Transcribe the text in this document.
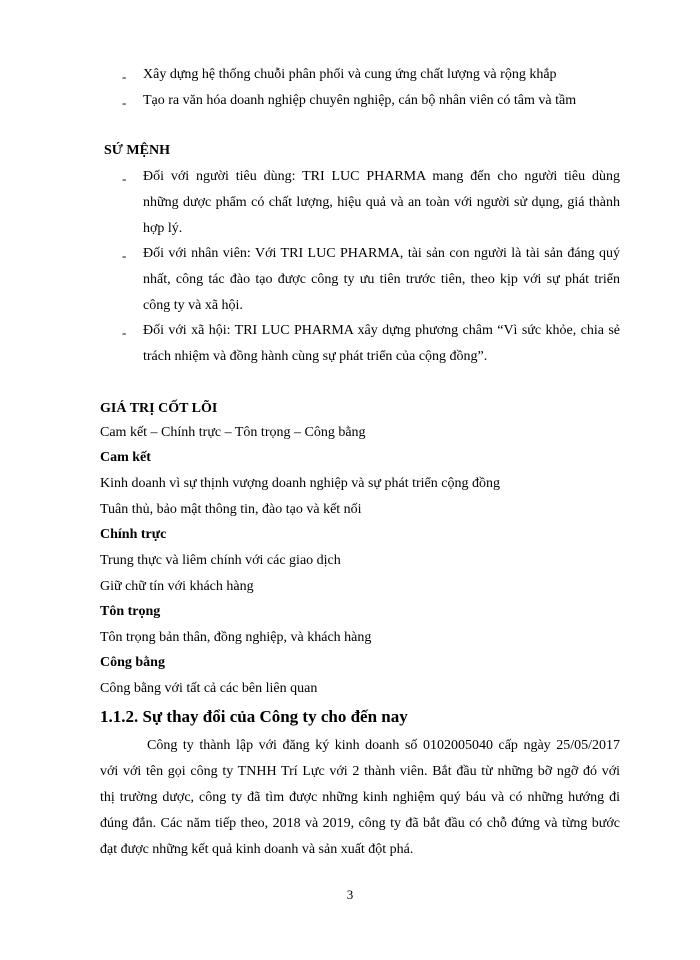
- Xây dựng hệ thống chuỗi phân phối và cung ứng chất lượng và rộng khắp
- Tạo ra văn hóa doanh nghiệp chuyên nghiệp, cán bộ nhân viên có tâm và tầm
SỨ MỆNH
- Đối với người tiêu dùng: TRI LUC PHARMA mang đến cho người tiêu dùng
những dược phẩm có chất lượng, hiệu quả và an toàn với người sử dụng, giá thành
hợp lý.
- Đối với nhân viên: Với TRI LUC PHARMA, tài sản con người là tài sản đáng quý
nhất, công tác đào tạo được công ty ưu tiên trước tiên, theo kịp với sự phát triển
công ty và xã hội.
- Đối với xã hội: TRI LUC PHARMA xây dựng phương châm “Vì sức khỏe, chia sẻ
trách nhiệm và đồng hành cùng sự phát triển của cộng đồng”.
GIÁ TRỊ CỐT LÕI
Cam kết – Chính trực – Tôn trọng – Công bằng
Cam kết
Kinh doanh vì sự thịnh vượng doanh nghiệp và sự phát triển cộng đồng
Tuân thủ, bảo mật thông tin, đào tạo và kết nối
Chính trực
Trung thực và liêm chính với các giao dịch
Giữ chữ tín với khách hàng
Tôn trọng
Tôn trọng bản thân, đồng nghiệp, và khách hàng
Công bằng
Công bằng với tất cả các bên liên quan
1.1.2. Sự thay đổi của Công ty cho đến nay
Công ty thành lập với đăng ký kinh doanh số 0102005040 cấp ngày 25/05/2017
với với tên gọi công ty TNHH Trí Lực với 2 thành viên. Bắt đầu từ những bỡ ngỡ đó với
thị trường dược, công ty đã tìm được những kinh nghiệm quý báu và có những hướng đi
đúng đắn. Các năm tiếp theo, 2018 và 2019, công ty đã bắt đầu có chỗ đứng và từng bước
đạt được những kết quả kinh doanh và sản xuất đột phá.
3
